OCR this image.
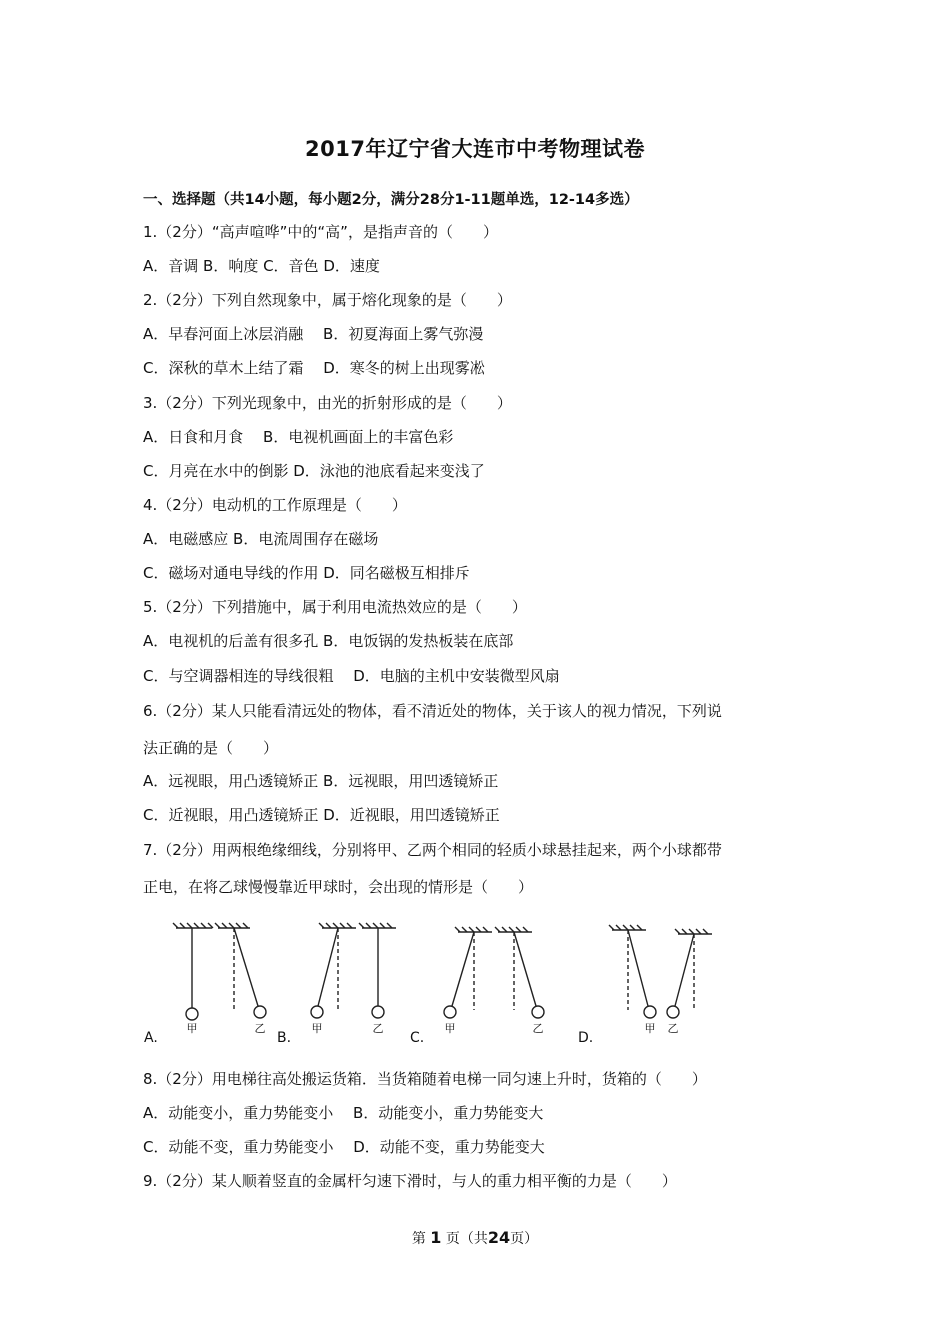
2017年辽宁省大连市中考物理试卷
一、选择题（共14小题，每小题2分，满分28分1-11题单选，12-14多选）
1.（2分）“高声喧哗”中的“高”，是指声音的（　　）
A．音调 B．响度 C．音色 D．速度
2.（2分）下列自然现象中，属于熔化现象的是（　　）
A．早春河面上冰层消融　 B．初夏海面上雾气弥漫
C．深秋的草木上结了霜　 D．寒冬的树上出现雾凇
3.（2分）下列光现象中，由光的折射形成的是（　　）
A．日食和月食　 B．电视机画面上的丰富色彩
C．月亮在水中的倒影 D．泳池的池底看起来变浅了
4.（2分）电动机的工作原理是（　　）
A．电磁感应 B．电流周围存在磁场
C．磁场对通电导线的作用 D．同名磁极互相排斥
5.（2分）下列措施中，属于利用电流热效应的是（　　）
A．电视机的后盖有很多孔 B．电饭锅的发热板装在底部
C．与空调器相连的导线很粗　 D．电脑的主机中安装微型风扇
6.（2分）某人只能看清远处的物体，看不清近处的物体，关于该人的视力情况，下列说
法正确的是（　　）
A．远视眼，用凸透镜矫正 B．远视眼，用凹透镜矫正
C．近视眼，用凸透镜矫正 D．近视眼，用凹透镜矫正
7.（2分）用两根绝缘细线，分别将甲、乙两个相同的轻质小球悬挂起来，两个小球都带
正电，在将乙球慢慢靠近甲球时，会出现的情形是（　　）
甲	乙	甲	乙	甲	乙	甲 乙
A.	B.	C.	D.
8.（2分）用电梯往高处搬运货箱．当货箱随着电梯一同匀速上升时，货箱的（　　）
A．动能变小，重力势能变小　 B．动能变小，重力势能变大
C．动能不变，重力势能变小　 D．动能不变，重力势能变大
9.（2分）某人顺着竖直的金属杆匀速下滑时，与人的重力相平衡的力是（　　）
第 1 页（共24页）
